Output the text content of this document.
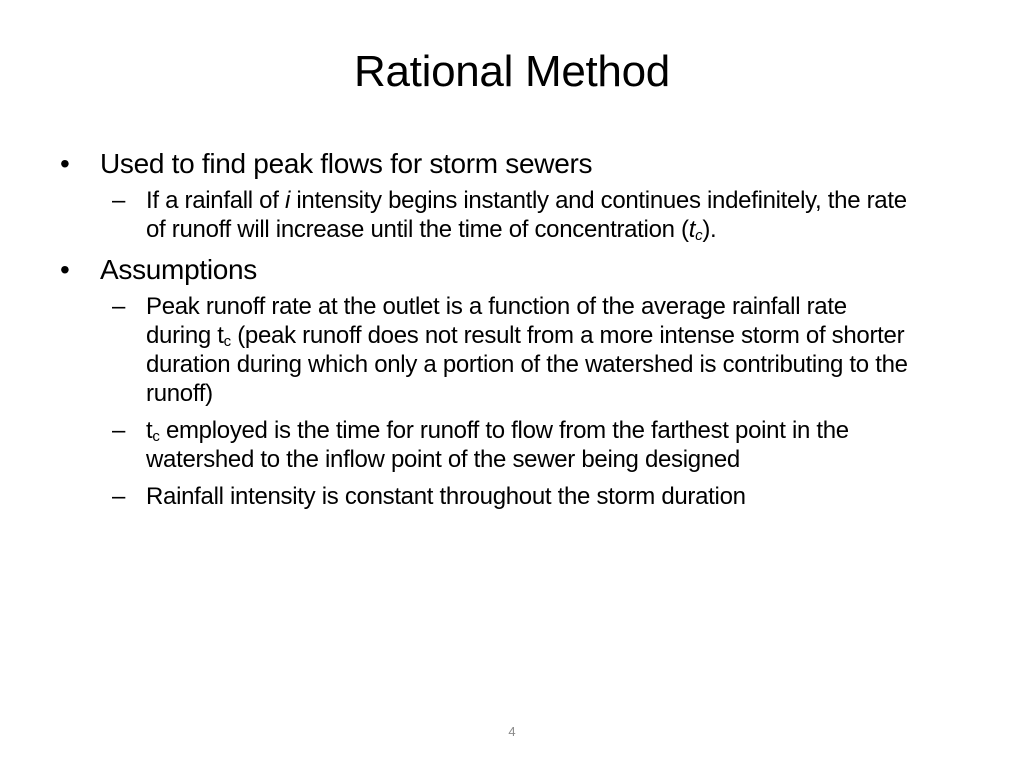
Rational Method
•	Used to find peak flows for storm sewers
– If a rainfall of i intensity begins instantly and continues indefinitely, the rate of runoff will increase until the time of concentration $(t_c)$.
•	Assumptions
– Peak runoff rate at the outlet is a function of the average rainfall rate during $t_c$ (peak runoff does not result from a more intense storm of shorter duration during which only a portion of the watershed is contributing to the runoff)
– $t_c$ employed is the time for runoff to flow from the farthest point in the watershed to the inflow point of the sewer being designed
– Rainfall intensity is constant throughout the storm duration
4
